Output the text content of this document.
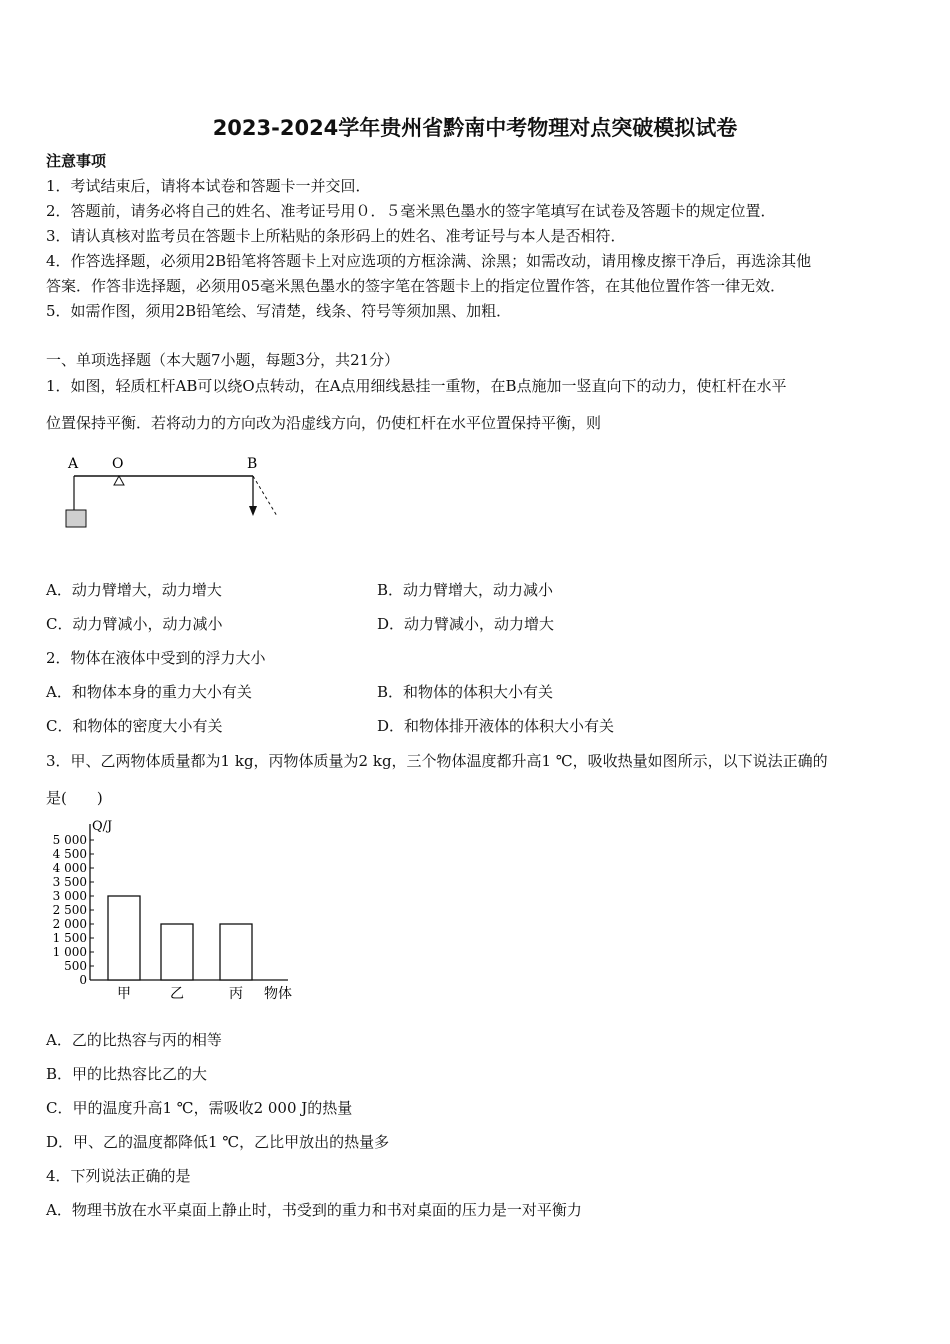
2023-2024学年贵州省黔南中考物理对点突破模拟试卷
注意事项
1．考试结束后，请将本试卷和答题卡一并交回．
2．答题前，请务必将自己的姓名、准考证号用０．５毫米黑色墨水的签字笔填写在试卷及答题卡的规定位置．
3．请认真核对监考员在答题卡上所粘贴的条形码上的姓名、准考证号与本人是否相符．
4．作答选择题，必须用2B铅笔将答题卡上对应选项的方框涂满、涂黑；如需改动，请用橡皮擦干净后，再选涂其他
答案．作答非选择题，必须用05毫米黑色墨水的签字笔在答题卡上的指定位置作答，在其他位置作答一律无效．
5．如需作图，须用2B铅笔绘、写清楚，线条、符号等须加黑、加粗．
一、单项选择题（本大题7小题，每题3分，共21分）
1．如图，轻质杠杆AB可以绕O点转动，在A点用细线悬挂一重物，在B点施加一竖直向下的动力，使杠杆在水平
位置保持平衡．若将动力的方向改为沿虚线方向，仍使杠杆在水平位置保持平衡，则
A O	B
A．动力臂增大，动力增大	B．动力臂增大，动力减小
C．动力臂减小，动力减小	D．动力臂减小，动力增大
2．物体在液体中受到的浮力大小
A．和物体本身的重力大小有关	B．和物体的体积大小有关
C．和物体的密度大小有关	D．和物体排开液体的体积大小有关
3．甲、乙两物体质量都为1 kg，丙物体质量为2 kg，三个物体温度都升高1 ℃，吸收热量如图所示，以下说法正确的
是(　　)
Q/J
0
500
1 000
1 500
2 000
2 500
3 000
3 500
4 000
4 500
5 000
甲	乙	丙 物体
A．乙的比热容与丙的相等
B．甲的比热容比乙的大
C．甲的温度升高1 ℃，需吸收2 000 J的热量
D．甲、乙的温度都降低1 ℃，乙比甲放出的热量多
4．下列说法正确的是
A．物理书放在水平桌面上静止时，书受到的重力和书对桌面的压力是一对平衡力
